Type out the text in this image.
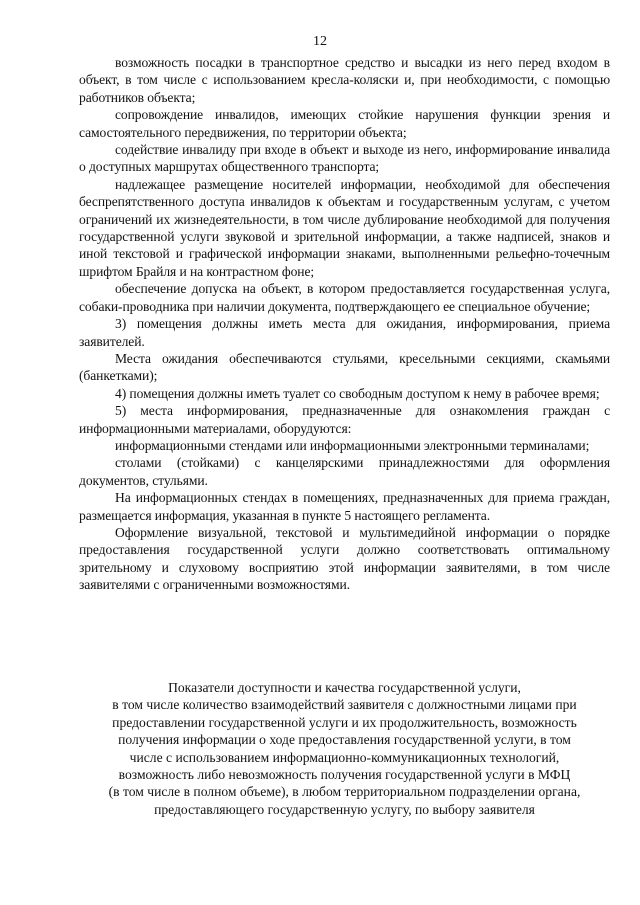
12

возможность посадки в транспортное средство и высадки из него перед входом в объект, в том числе с использованием кресла-коляски и, при необходимости, с помощью работников объекта;

сопровождение инвалидов, имеющих стойкие нарушения функции зрения и самостоятельного передвижения, по территории объекта;

содействие инвалиду при входе в объект и выходе из него, информирование инвалида о доступных маршрутах общественного транспорта;

надлежащее размещение носителей информации, необходимой для обеспечения беспрепятственного доступа инвалидов к объектам и государственным услугам, с учетом ограничений их жизнедеятельности, в том числе дублирование необходимой для получения государственной услуги звуковой и зрительной информации, а также надписей, знаков и иной текстовой и графической информации знаками, выполненными рельефно-точечным шрифтом Брайля и на контрастном фоне;

обеспечение допуска на объект, в котором предоставляется государственная услуга, собаки-проводника при наличии документа, подтверждающего ее специальное обучение;

3) помещения должны иметь места для ожидания, информирования, приема заявителей.

Места ожидания обеспечиваются стульями, кресельными секциями, скамьями (банкетками);

4) помещения должны иметь туалет со свободным доступом к нему в рабочее время;

5) места информирования, предназначенные для ознакомления граждан с информационными материалами, оборудуются:

информационными стендами или информационными электронными терминалами;

столами (стойками) с канцелярскими принадлежностями для оформления документов, стульями.

На информационных стендах в помещениях, предназначенных для приема граждан, размещается информация, указанная в пункте 5 настоящего регламента.

Оформление визуальной, текстовой и мультимедийной информации о порядке предоставления государственной услуги должно соответствовать оптимальному зрительному и слуховому восприятию этой информации заявителями, в том числе заявителями с ограниченными возможностями.

Показатели доступности и качества государственной услуги,
в том числе количество взаимодействий заявителя с должностными лицами при
предоставлении государственной услуги и их продолжительность, возможность
получения информации о ходе предоставления государственной услуги, в том
числе с использованием информационно-коммуникационных технологий,
возможность либо невозможность получения государственной услуги в МФЦ
(в том числе в полном объеме), в любом территориальном подразделении органа,
предоставляющего государственную услугу, по выбору заявителя
